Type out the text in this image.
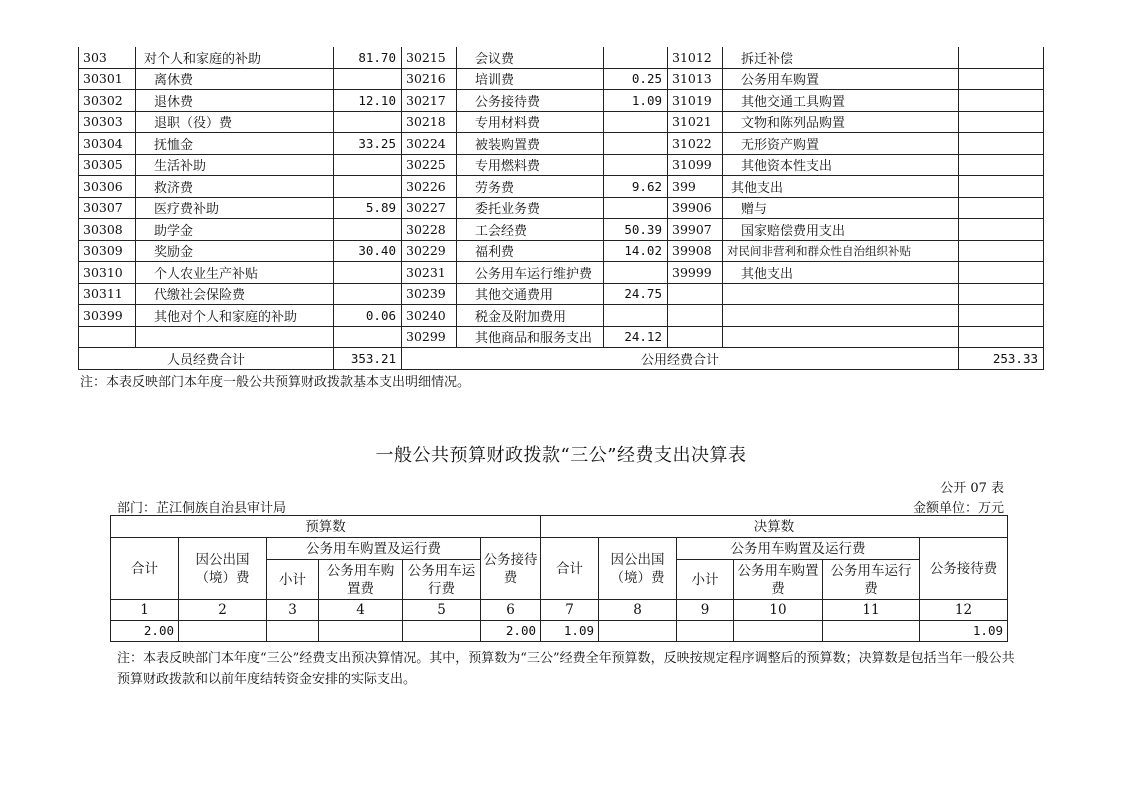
303	对个人和家庭的补助	81.70	30215	会议费		31012	拆迁补偿	
30301	离休费		30216	培训费	0.25	31013	公务用车购置	
30302	退休费	12.10	30217	公务接待费	1.09	31019	其他交通工具购置	
30303	退职（役）费		30218	专用材料费		31021	文物和陈列品购置	
30304	抚恤金	33.25	30224	被装购置费		31022	无形资产购置	
30305	生活补助		30225	专用燃料费		31099	其他资本性支出	
30306	救济费		30226	劳务费	9.62	399	其他支出	
30307	医疗费补助	5.89	30227	委托业务费		39906	赠与	
30308	助学金		30228	工会经费	50.39	39907	国家赔偿费用支出	
30309	奖励金	30.40	30229	福利费	14.02	39908	对民间非营利和群众性自治组织补贴	
30310	个人农业生产补贴		30231	公务用车运行维护费		39999	其他支出	
30311	代缴社会保险费		30239	其他交通费用	24.75			
30399	其他对个人和家庭的补助	0.06	30240	税金及附加费用				
			30299	其他商品和服务支出	24.12			
人员经费合计		353.21	公用经费合计					253.33
注：本表反映部门本年度一般公共预算财政拨款基本支出明细情况。
一般公共预算财政拨款“三公”经费支出决算表
公开 07 表
部门：芷江侗族自治县审计局	金额单位：万元
预算数						决算数					
合计	因公出国（境）费	公务用车购置及运行费			公务接待费	合计	因公出国（境）费	公务用车购置及运行费			公务接待费
		小计	公务用车购置费	公务用车运行费				小计	公务用车购置费	公务用车运行费	
1	2	3	4	5	6	7	8	9	10	11	12
2.00					2.00	1.09					1.09
注：本表反映部门本年度“三公”经费支出预决算情况。其中，预算数为“三公”经费全年预算数，反映按规定程序调整后的预算数；决算数是包括当年一般公共预算财政拨款和以前年度结转资金安排的实际支出。
